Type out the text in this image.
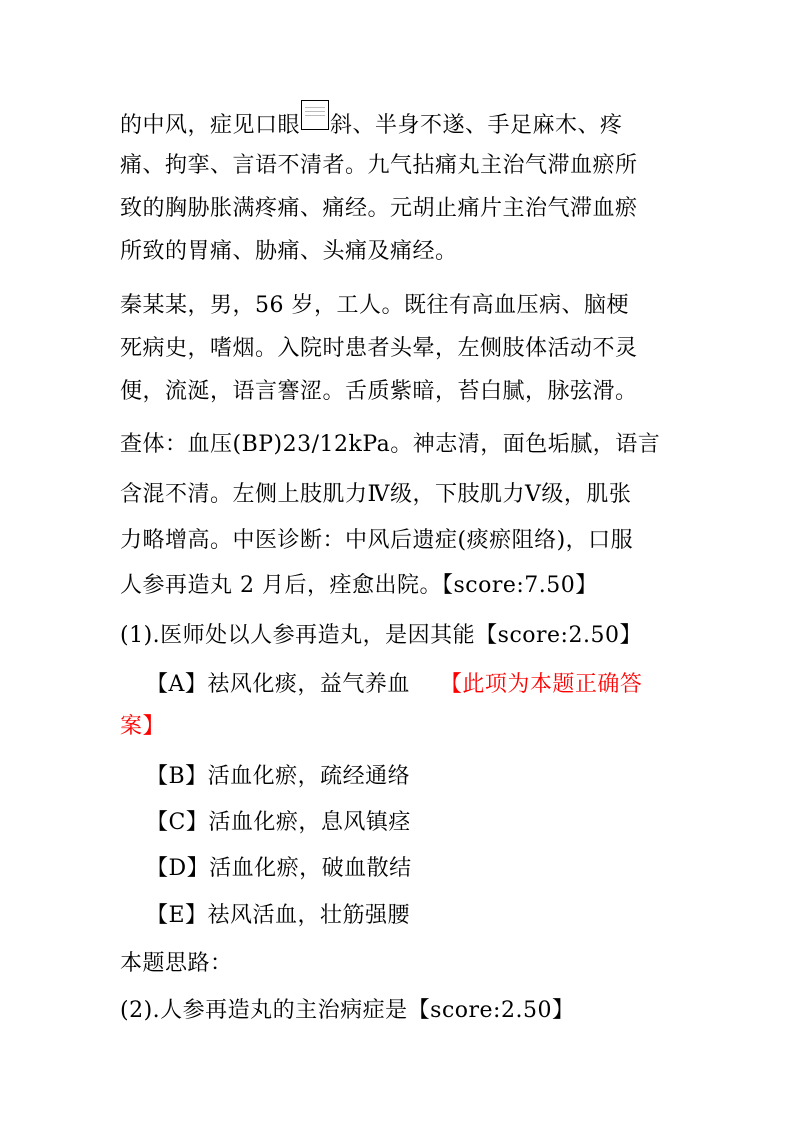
的中风，症见口眼 斜、半身不遂、手足麻木、疼
痛、拘挛、言语不清者。九气拈痛丸主治气滞血瘀所
致的胸胁胀满疼痛、痛经。元胡止痛片主治气滞血瘀
所致的胃痛、胁痛、头痛及痛经。
秦某某，男，56 岁，工人。既往有高血压病、脑梗
死病史，嗜烟。入院时患者头晕，左侧肢体活动不灵
便，流涎，语言謇涩。舌质紫暗，苔白腻，脉弦滑。
查体：血压(BP)23/12kPa。神志清，面色垢腻，语言
含混不清。左侧上肢肌力Ⅳ级，下肢肌力Ⅴ级，肌张
力略增高。中医诊断：中风后遗症(痰瘀阻络)，口服
人参再造丸 2 月后，痊愈出院。【score:7.50】
(1).医师处以人参再造丸，是因其能【score:2.50】
【A】祛风化痰，益气养血 【此项为本题正确答
案】
【B】活血化瘀，疏经通络
【C】活血化瘀，息风镇痉
【D】活血化瘀，破血散结
【E】祛风活血，壮筋强腰
本题思路：
(2).人参再造丸的主治病症是【score:2.50】
